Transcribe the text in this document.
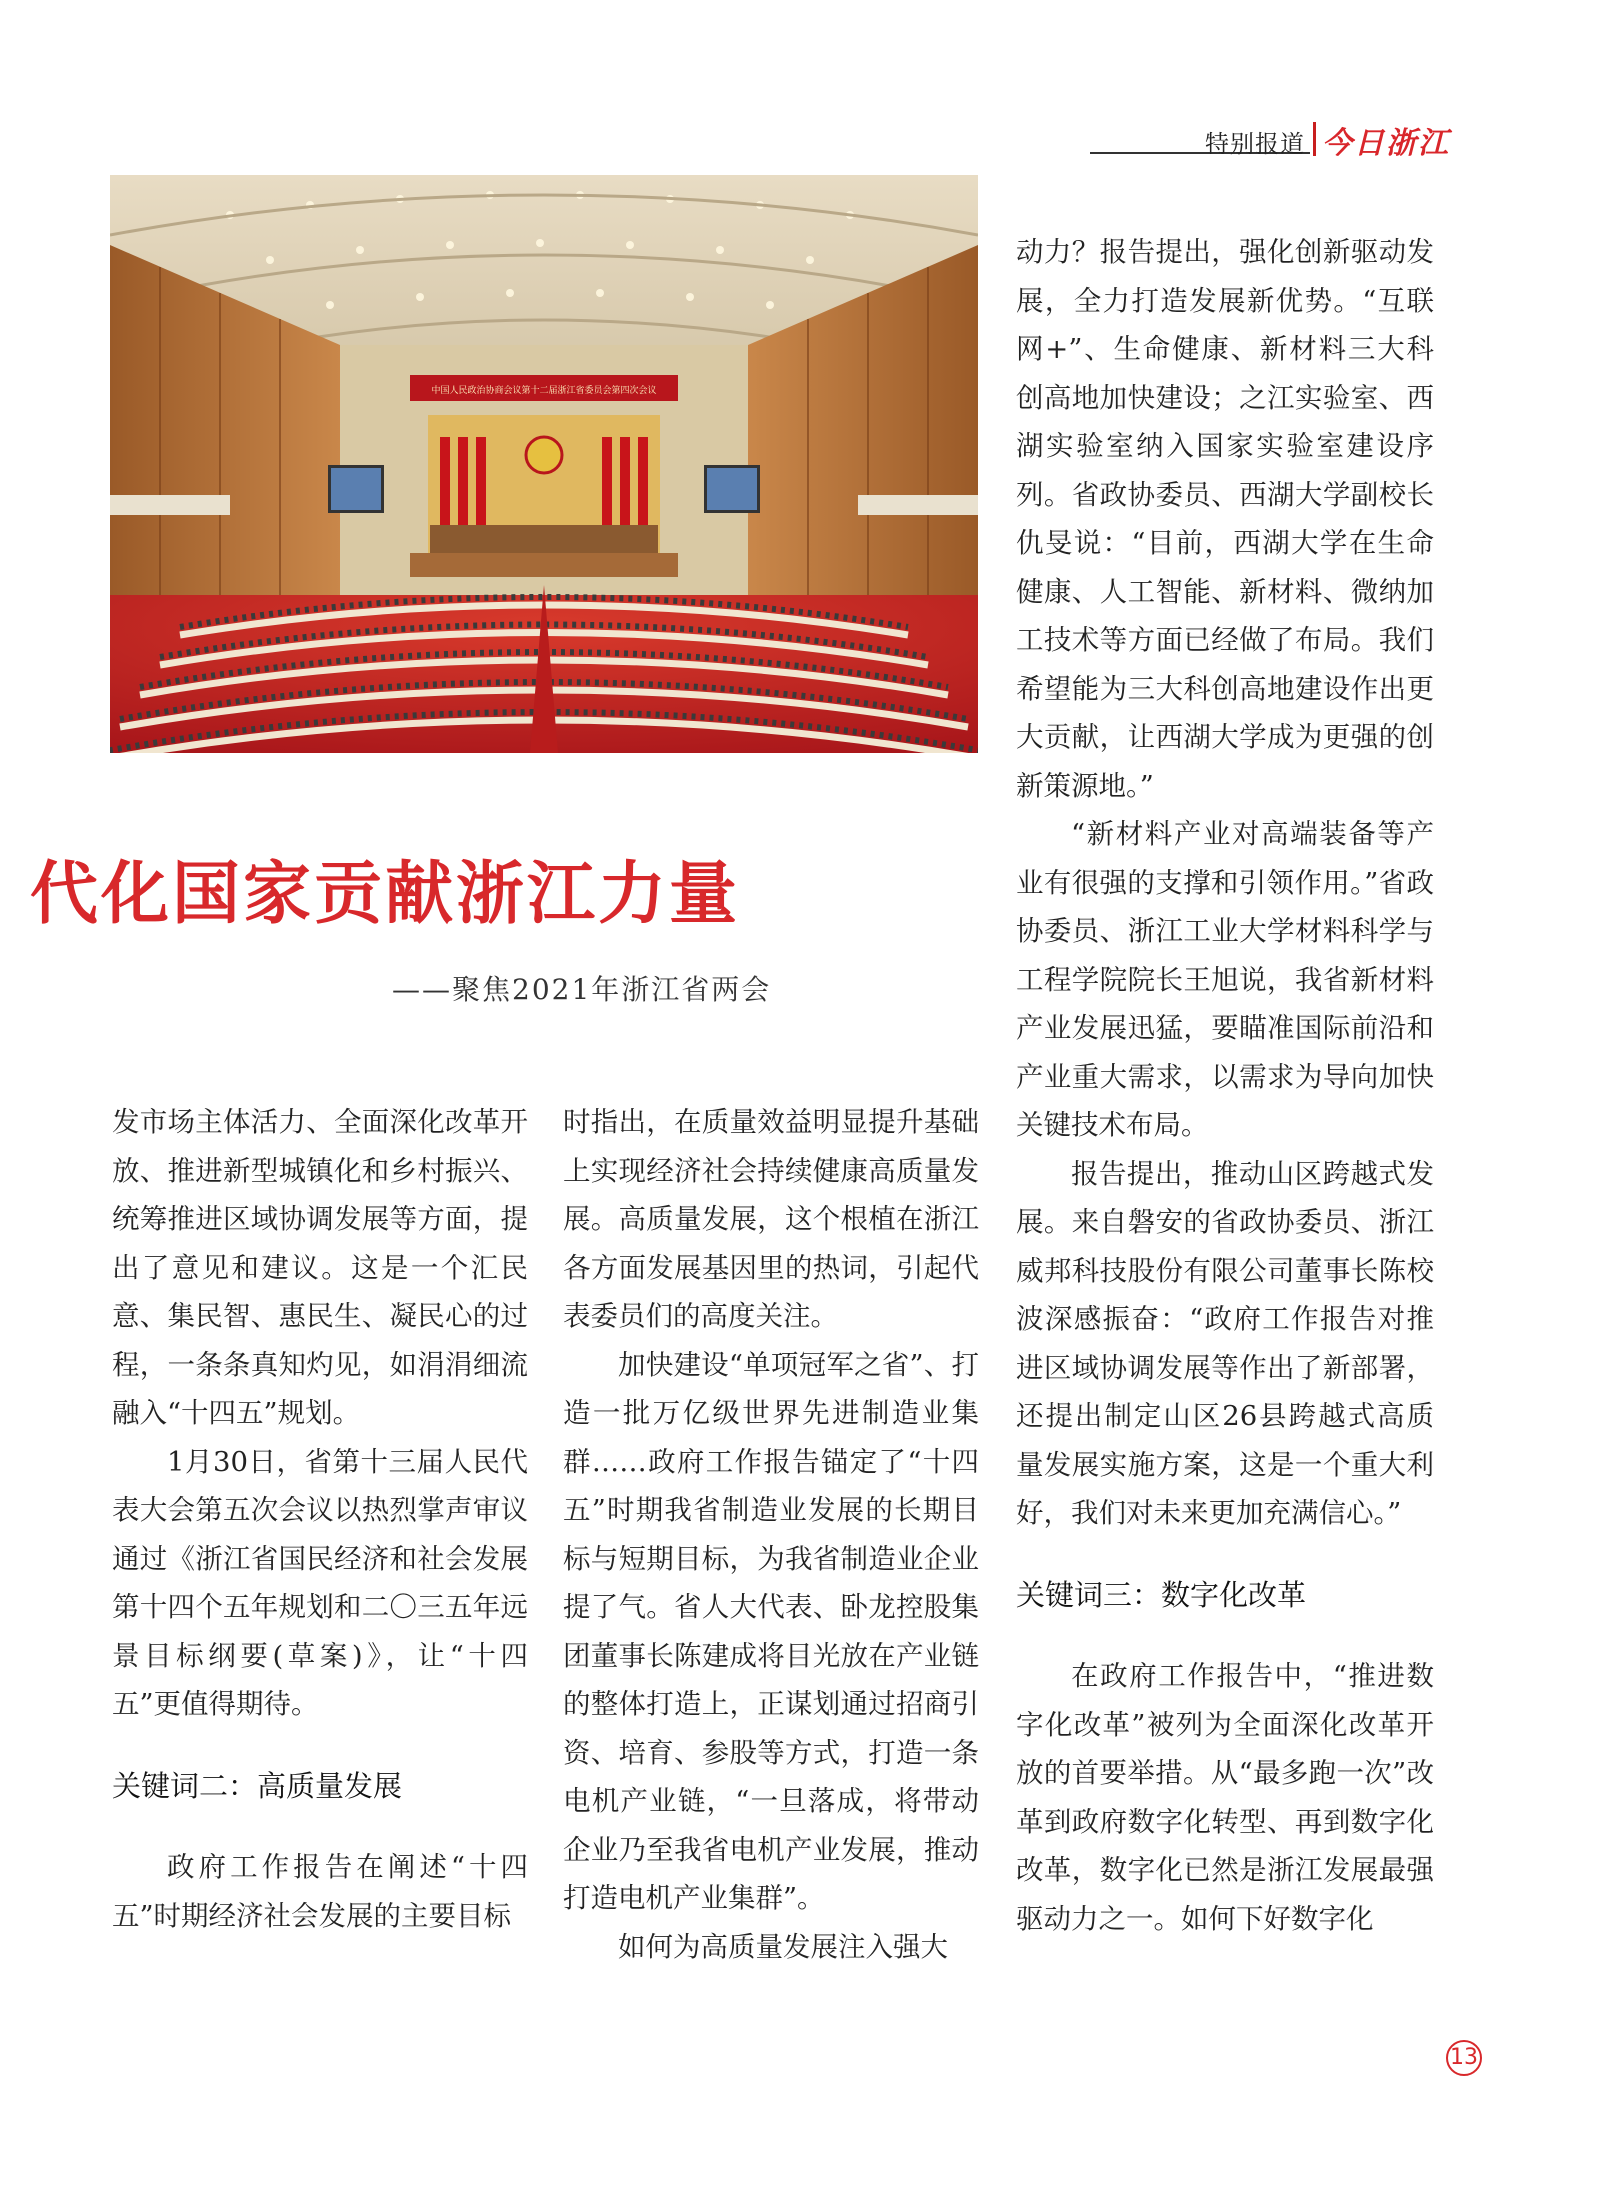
特别报道 今日浙江
中国人民政治协商会议第十二届浙江省委员会第四次会议
代化国家贡献浙江力量
——聚焦2021年浙江省两会

发市场主体活力、全面深化改革开放、推进新型城镇化和乡村振兴、统筹推进区域协调发展等方面，提出了意见和建议。这是一个汇民意、集民智、惠民生、凝民心的过程，一条条真知灼见，如涓涓细流融入“十四五”规划。

1月30日，省第十三届人民代表大会第五次会议以热烈掌声审议通过《浙江省国民经济和社会发展第十四个五年规划和二〇三五年远景目标纲要(草案)》，让“十四五”更值得期待。

关键词二：高质量发展

政府工作报告在阐述“十四五”时期经济社会发展的主要目标

时指出，在质量效益明显提升基础上实现经济社会持续健康高质量发展。高质量发展，这个根植在浙江各方面发展基因里的热词，引起代表委员们的高度关注。

加快建设“单项冠军之省”、打造一批万亿级世界先进制造业集群……政府工作报告锚定了“十四五”时期我省制造业发展的长期目标与短期目标，为我省制造业企业提了气。省人大代表、卧龙控股集团董事长陈建成将目光放在产业链的整体打造上，正谋划通过招商引资、培育、参股等方式，打造一条电机产业链，“一旦落成，将带动企业乃至我省电机产业发展，推动打造电机产业集群”。

如何为高质量发展注入强大

动力？报告提出，强化创新驱动发展，全力打造发展新优势。“互联网+”、生命健康、新材料三大科创高地加快建设；之江实验室、西湖实验室纳入国家实验室建设序列。省政协委员、西湖大学副校长仇旻说：“目前，西湖大学在生命健康、人工智能、新材料、微纳加工技术等方面已经做了布局。我们希望能为三大科创高地建设作出更大贡献，让西湖大学成为更强的创新策源地。”

“新材料产业对高端装备等产业有很强的支撑和引领作用。”省政协委员、浙江工业大学材料科学与工程学院院长王旭说，我省新材料产业发展迅猛，要瞄准国际前沿和产业重大需求，以需求为导向加快关键技术布局。

报告提出，推动山区跨越式发展。来自磐安的省政协委员、浙江威邦科技股份有限公司董事长陈校波深感振奋：“政府工作报告对推进区域协调发展等作出了新部署，还提出制定山区26县跨越式高质量发展实施方案，这是一个重大利好，我们对未来更加充满信心。”

关键词三：数字化改革

在政府工作报告中，“推进数字化改革”被列为全面深化改革开放的首要举措。从“最多跑一次”改革到政府数字化转型、再到数字化改革，数字化已然是浙江发展最强驱动力之一。如何下好数字化

13
